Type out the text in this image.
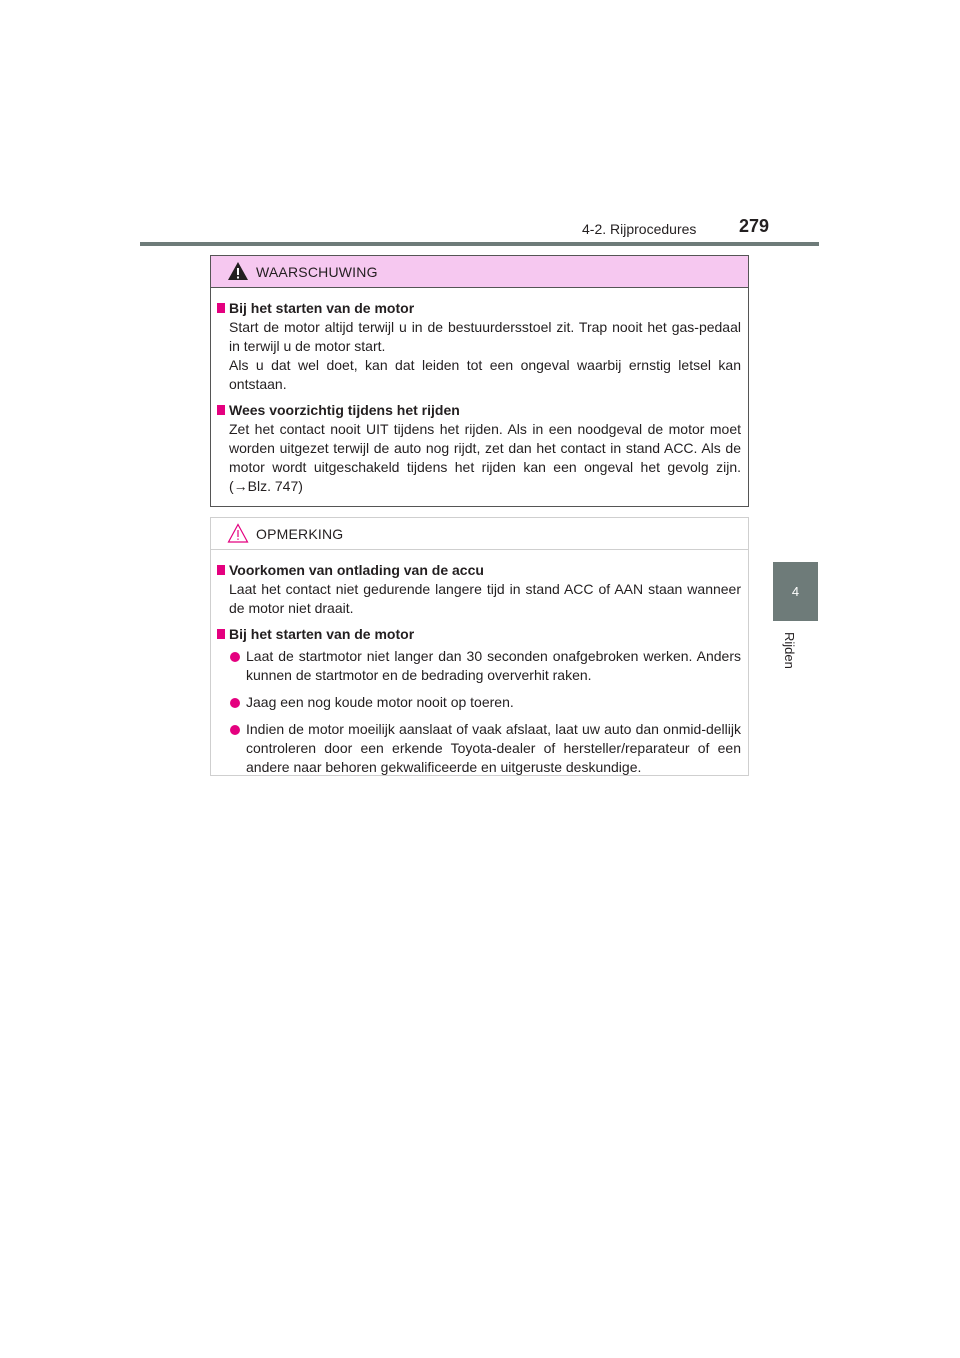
4-2. Rijprocedures 279
4
Rijden
WAARSCHUWING

Bij het starten van de motor

Start de motor altijd terwijl u in de bestuurdersstoel zit. Trap nooit het gas-pedaal in terwijl u de motor start.

Als u dat wel doet, kan dat leiden tot een ongeval waarbij ernstig letsel kan ontstaan.

Wees voorzichtig tijdens het rijden

Zet het contact nooit UIT tijdens het rijden. Als in een noodgeval de motor moet worden uitgezet terwijl de auto nog rijdt, zet dan het contact in stand ACC. Als de motor wordt uitgeschakeld tijdens het rijden kan een ongeval het gevolg zijn. (→Blz. 747)

OPMERKING

Voorkomen van ontlading van de accu

Laat het contact niet gedurende langere tijd in stand ACC of AAN staan wanneer de motor niet draait.

Bij het starten van de motor

Laat de startmotor niet langer dan 30 seconden onafgebroken werken. Anders kunnen de startmotor en de bedrading oververhit raken.
Jaag een nog koude motor nooit op toeren.
Indien de motor moeilijk aanslaat of vaak afslaat, laat uw auto dan onmid-dellijk controleren door een erkende Toyota-dealer of hersteller/reparateur of een andere naar behoren gekwalificeerde en uitgeruste deskundige.
